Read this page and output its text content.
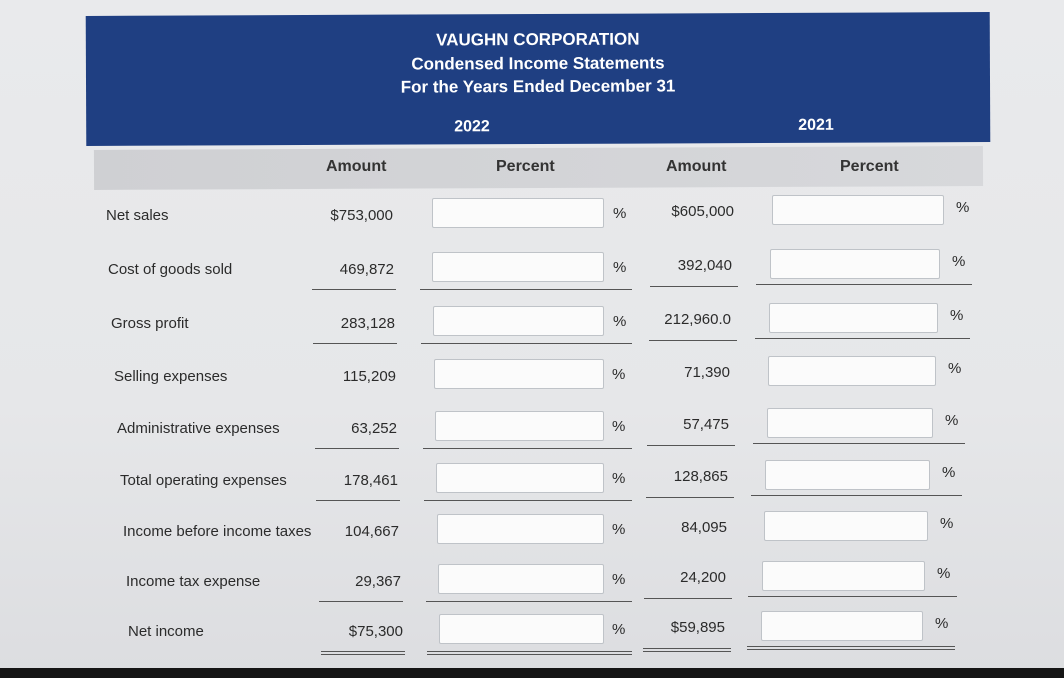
VAUGHN CORPORATION
Condensed Income Statements
For the Years Ended December 31
2022	2021
Amount	Percent	Amount	Percent
Net sales	$753,000	%	$605,000	%
Cost of goods sold	469,872	%	392,040	%
Gross profit	283,128	%	212,960.0	%
Selling expenses	115,209	%	71,390	%
Administrative expenses	63,252	%	57,475	%
Total operating expenses	178,461	%	128,865	%
Income before income taxes	104,667	%	84,095	%
Income tax expense	29,367	%	24,200	%
Net income	$75,300	%	$59,895	%
